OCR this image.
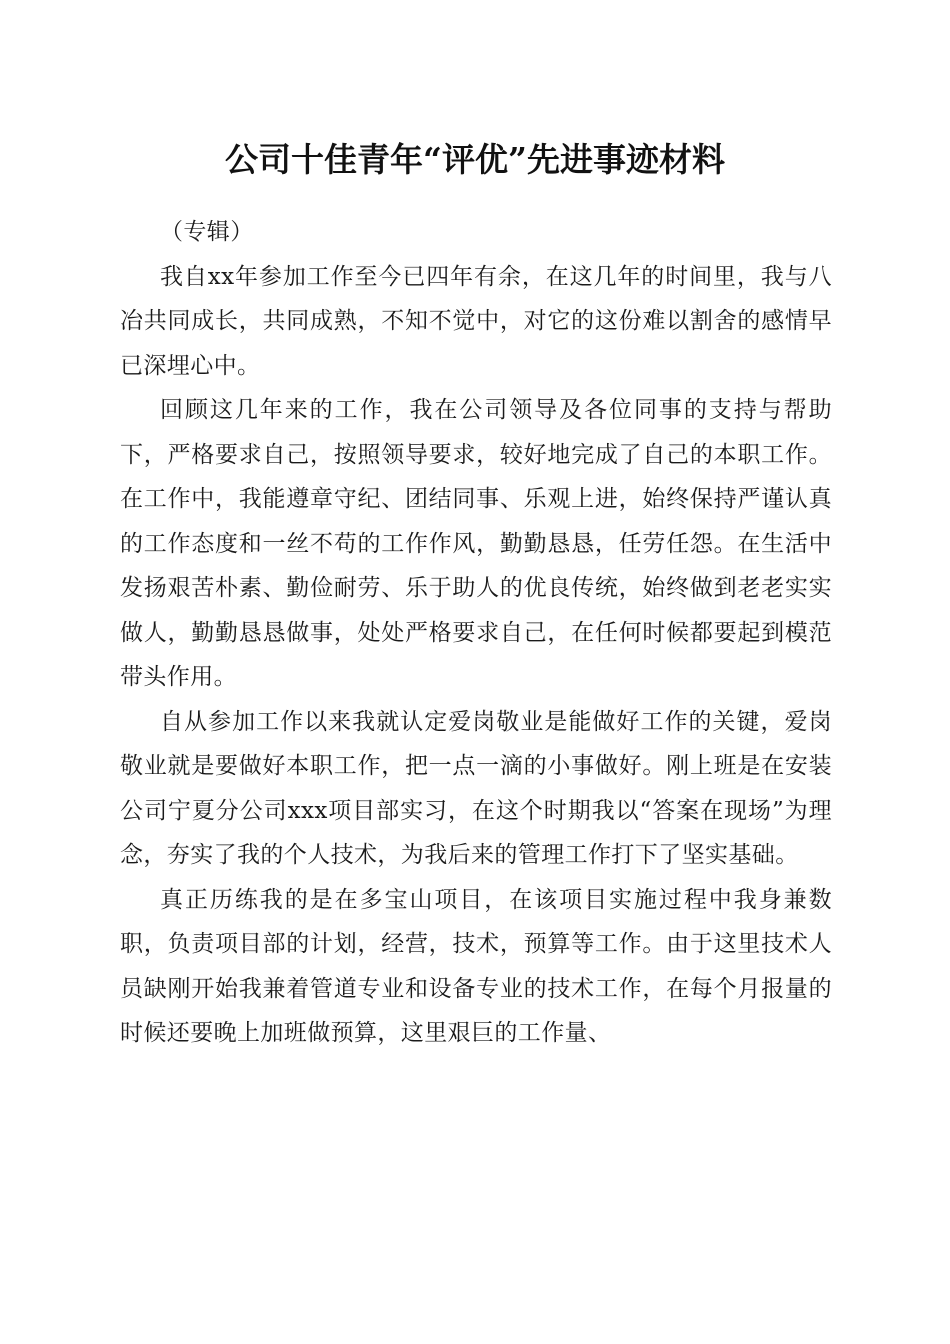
公司十佳青年“评优”先进事迹材料

（专辑）

我自xx年参加工作至今已四年有余，在这几年的时间里，我与八冶共同成长，共同成熟，不知不觉中，对它的这份难以割舍的感情早已深埋心中。

回顾这几年来的工作，我在公司领导及各位同事的支持与帮助下，严格要求自己，按照领导要求，较好地完成了自己的本职工作。在工作中，我能遵章守纪、团结同事、乐观上进，始终保持严谨认真的工作态度和一丝不苟的工作作风，勤勤恳恳，任劳任怨。在生活中发扬艰苦朴素、勤俭耐劳、乐于助人的优良传统，始终做到老老实实做人，勤勤恳恳做事，处处严格要求自己，在任何时候都要起到模范带头作用。

自从参加工作以来我就认定爱岗敬业是能做好工作的关键，爱岗敬业就是要做好本职工作，把一点一滴的小事做好。刚上班是在安装公司宁夏分公司xxx项目部实习，在这个时期我以“答案在现场”为理念，夯实了我的个人技术，为我后来的管理工作打下了坚实基础。

真正历练我的是在多宝山项目，在该项目实施过程中我身兼数职，负责项目部的计划，经营，技术，预算等工作。由于这里技术人员缺刚开始我兼着管道专业和设备专业的技术工作，在每个月报量的时候还要晚上加班做预算，这里艰巨的工作量、
